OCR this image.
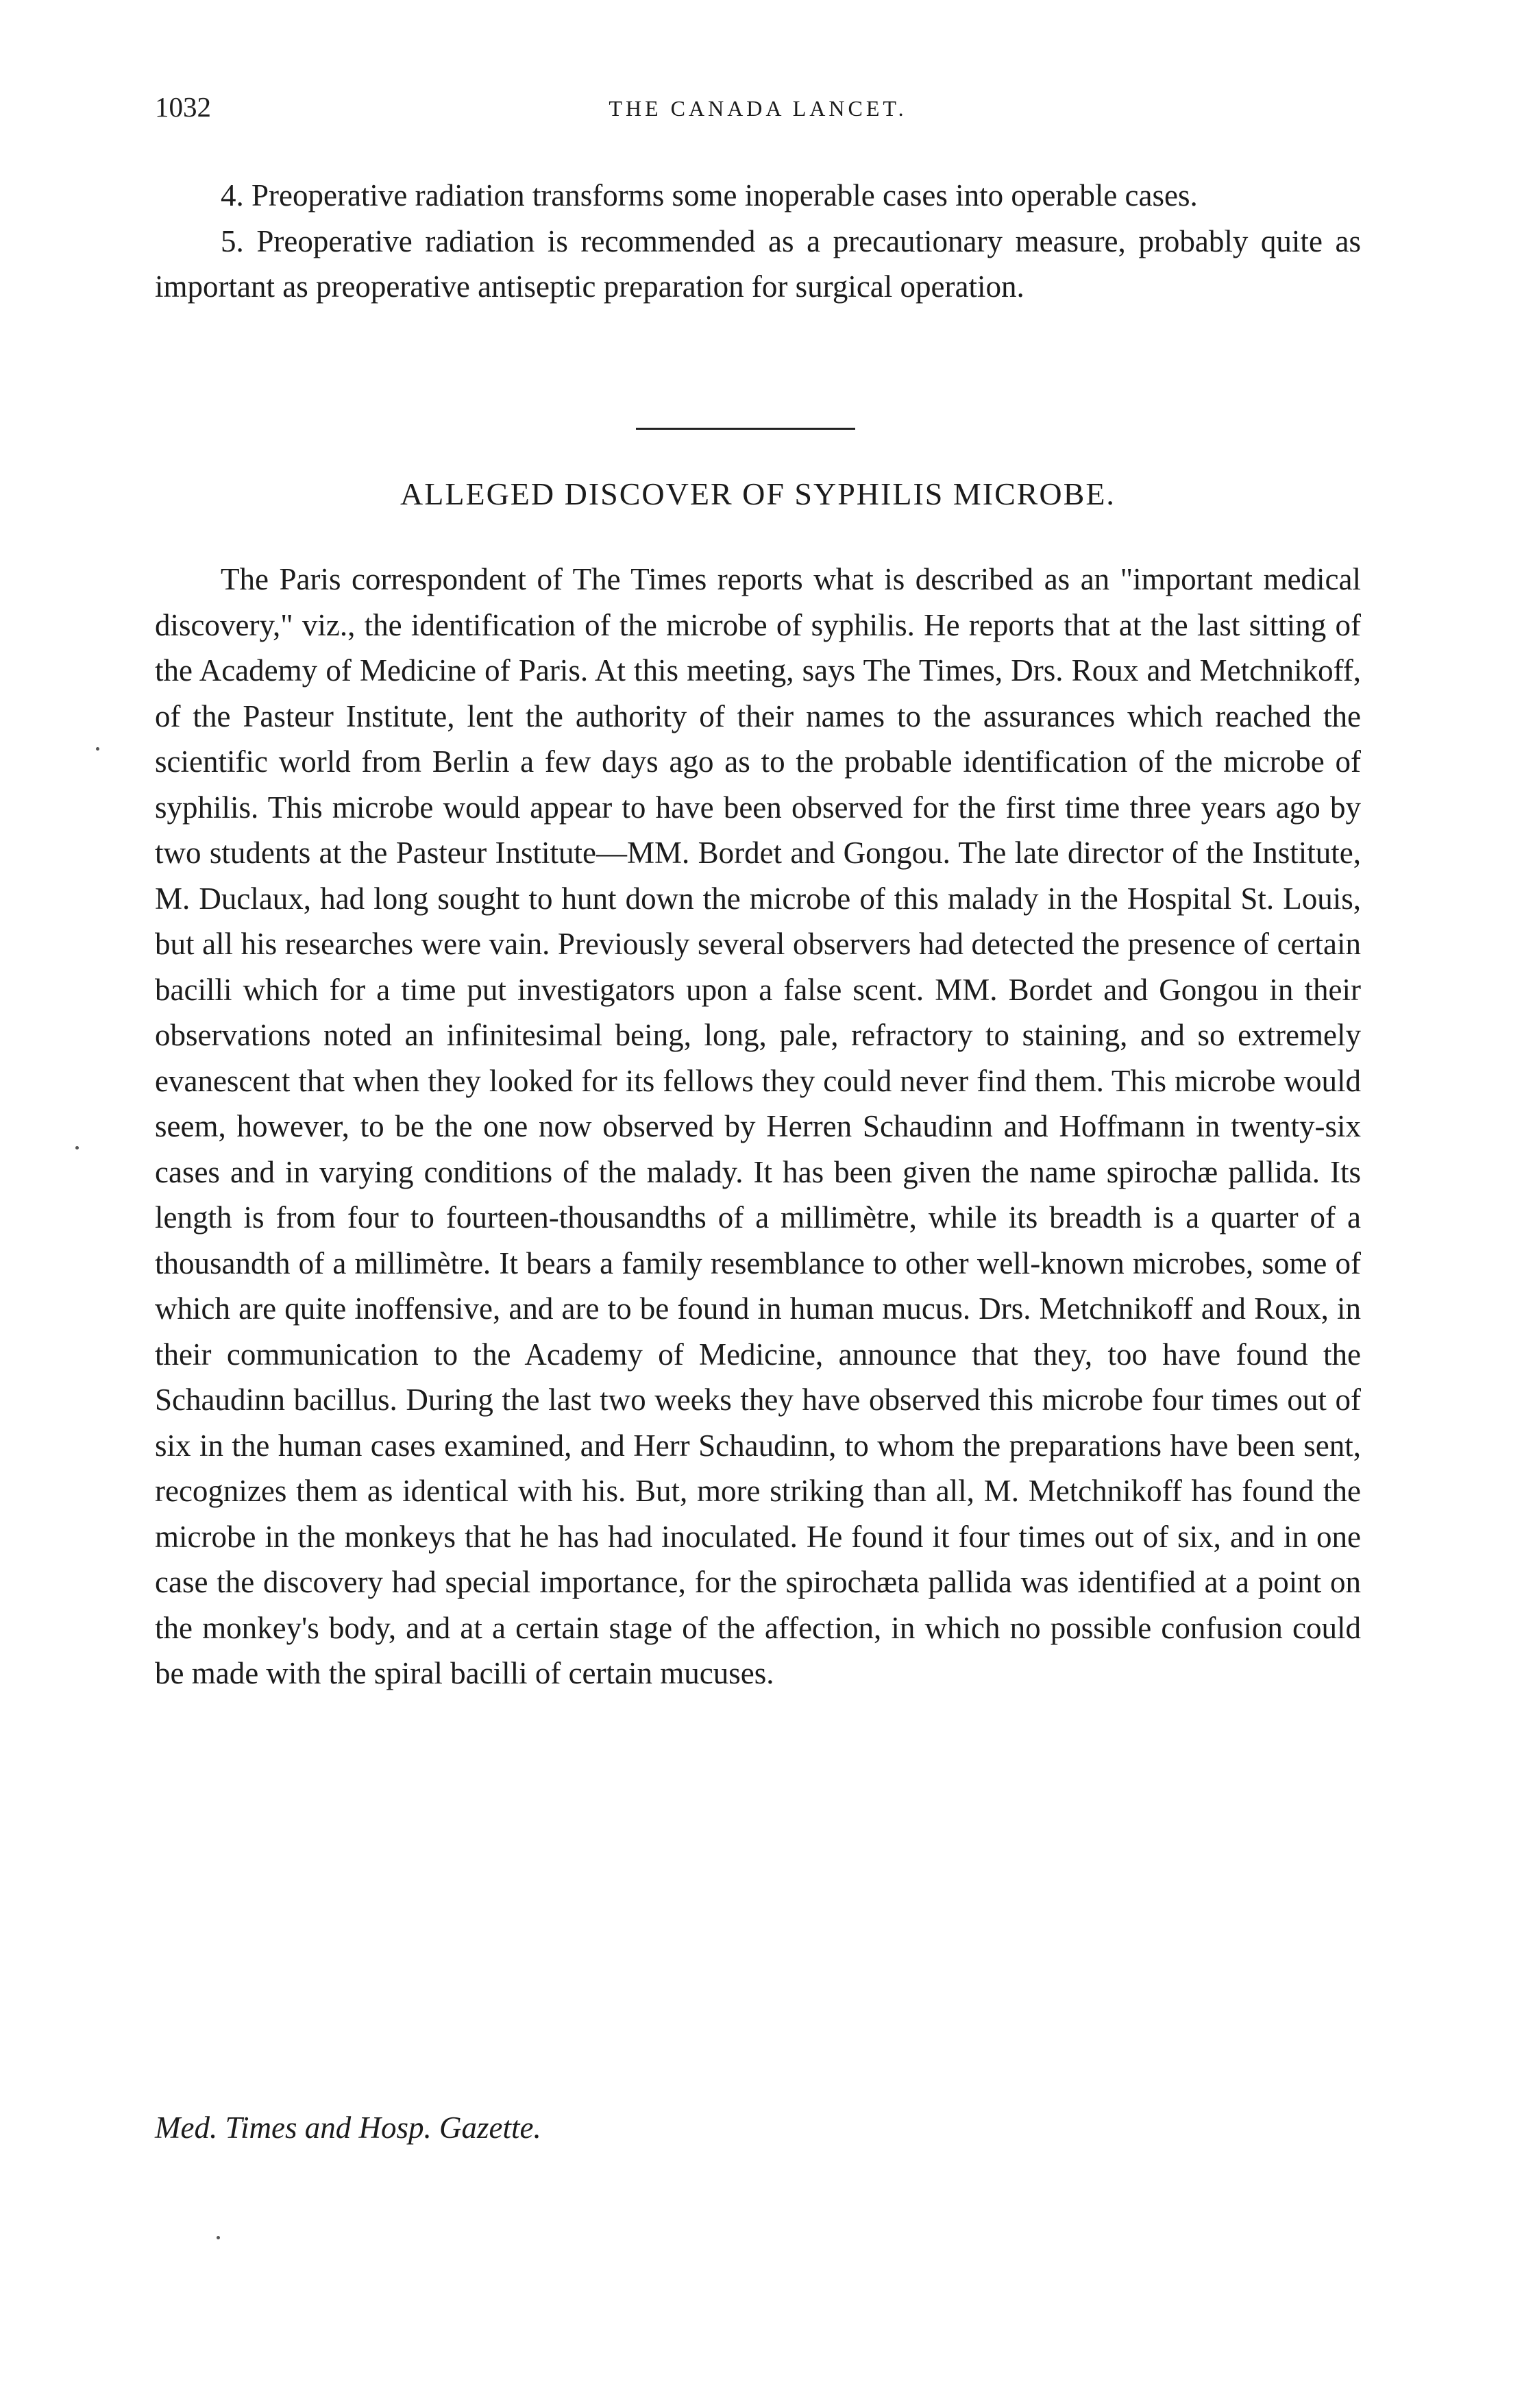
1032	THE CANADA LANCET.

4. Preoperative radiation transforms some inoperable cases into operable cases.

5. Preoperative radiation is recommended as a precautionary measure, probably quite as important as preoperative antiseptic preparation for surgical operation.

ALLEGED DISCOVER OF SYPHILIS MICROBE.

The Paris correspondent of The Times reports what is described as an "important medical discovery," viz., the identification of the microbe of syphilis. He reports that at the last sitting of the Academy of Medicine of Paris. At this meeting, says The Times, Drs. Roux and Metchnikoff, of the Pasteur Institute, lent the authority of their names to the assurances which reached the scientific world from Berlin a few days ago as to the probable identification of the microbe of syphilis. This microbe would appear to have been observed for the first time three years ago by two students at the Pasteur Institute—MM. Bordet and Gongou. The late director of the Institute, M. Duclaux, had long sought to hunt down the microbe of this malady in the Hospital St. Louis, but all his researches were vain. Previously several observers had detected the presence of certain bacilli which for a time put investigators upon a false scent. MM. Bordet and Gongou in their observations noted an infinitesimal being, long, pale, refractory to staining, and so extremely evanescent that when they looked for its fellows they could never find them. This microbe would seem, however, to be the one now observed by Herren Schaudinn and Hoffmann in twenty-six cases and in varying conditions of the malady. It has been given the name spirochæ pallida. Its length is from four to fourteen-thousandths of a millimètre, while its breadth is a quarter of a thousandth of a millimètre. It bears a family resemblance to other well-known microbes, some of which are quite inoffensive, and are to be found in human mucus. Drs. Metchnikoff and Roux, in their communication to the Academy of Medicine, announce that they, too have found the Schaudinn bacillus. During the last two weeks they have observed this microbe four times out of six in the human cases examined, and Herr Schaudinn, to whom the preparations have been sent, recognizes them as identical with his. But, more striking than all, M. Metchnikoff has found the microbe in the monkeys that he has had inoculated. He found it four times out of six, and in one case the discovery had special importance, for the spirochæta pallida was identified at a point on the monkey's body, and at a certain stage of the affection, in which no possible confusion could be made with the spiral bacilli of certain mucuses.

Med. Times and Hosp. Gazette.
